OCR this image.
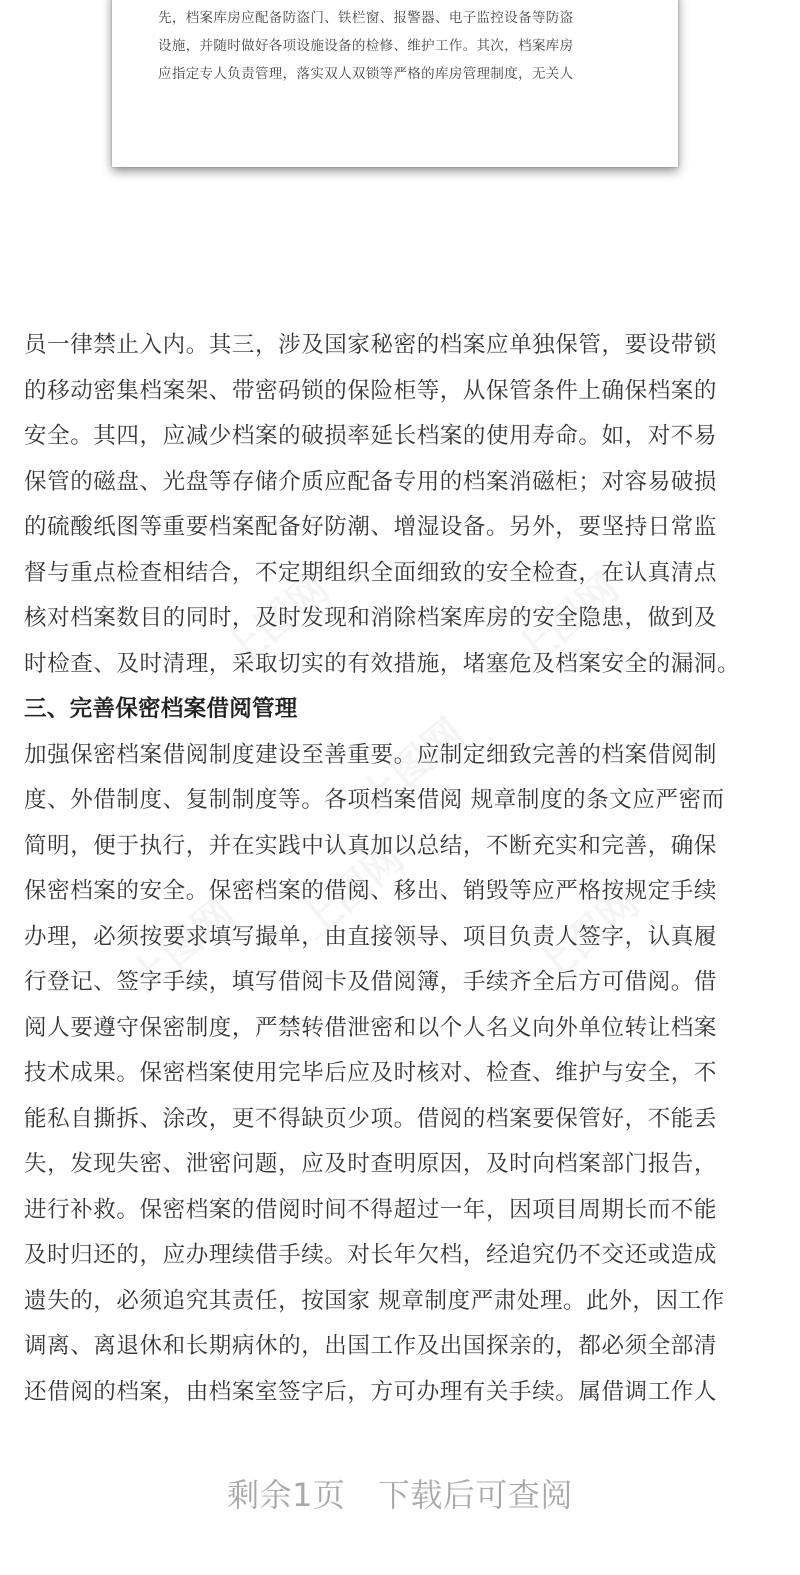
先，档案库房应配备防盗门、铁栏窗、报警器、电子监控设备等防盗
设施，并随时做好各项设施设备的检修、维护工作。其次，档案库房
应指定专人负责管理，落实双人双锁等严格的库房管理制度，无关人
员一律禁止入内。其三，涉及国家秘密的档案应单独保管，要设带锁
的移动密集档案架、带密码锁的保险柜等，从保管条件上确保档案的
安全。其四，应减少档案的破损率延长档案的使用寿命。如，对不易
保管的磁盘、光盘等存储介质应配备专用的档案消磁柜；对容易破损
的硫酸纸图等重要档案配备好防潮、增湿设备。另外，要坚持日常监
督与重点检查相结合，不定期组织全面细致的安全检查，在认真清点
核对档案数目的同时，及时发现和消除档案库房的安全隐患，做到及
时检查、及时清理，采取切实的有效措施，堵塞危及档案安全的漏洞。
三、完善保密档案借阅管理
加强保密档案借阅制度建设至善重要。应制定细致完善的档案借阅制
度、外借制度、复制制度等。各项档案借阅 规章制度的条文应严密而
简明，便于执行，并在实践中认真加以总结，不断充实和完善，确保
保密档案的安全。保密档案的借阅、移出、销毁等应严格按规定手续
办理，必须按要求填写撮单，由直接领导、项目负责人签字，认真履
行登记、签字手续，填写借阅卡及借阅簿，手续齐全后方可借阅。借
阅人要遵守保密制度，严禁转借泄密和以个人名义向外单位转让档案
技术成果。保密档案使用完毕后应及时核对、检查、维护与安全，不
能私自撕拆、涂改，更不得缺页少项。借阅的档案要保管好，不能丢
失，发现失密、泄密问题，应及时查明原因，及时向档案部门报告，
进行补救。保密档案的借阅时间不得超过一年，因项目周期长而不能
及时归还的，应办理续借手续。对长年欠档，经追究仍不交还或造成
遗失的，必须追究其责任，按国家 规章制度严肃处理。此外，因工作
调离、离退休和长期病休的，出国工作及出国探亲的，都必须全部清
还借阅的档案，由档案室签字后，方可办理有关手续。属借调工作人
剩余1页　下载后可查阅
